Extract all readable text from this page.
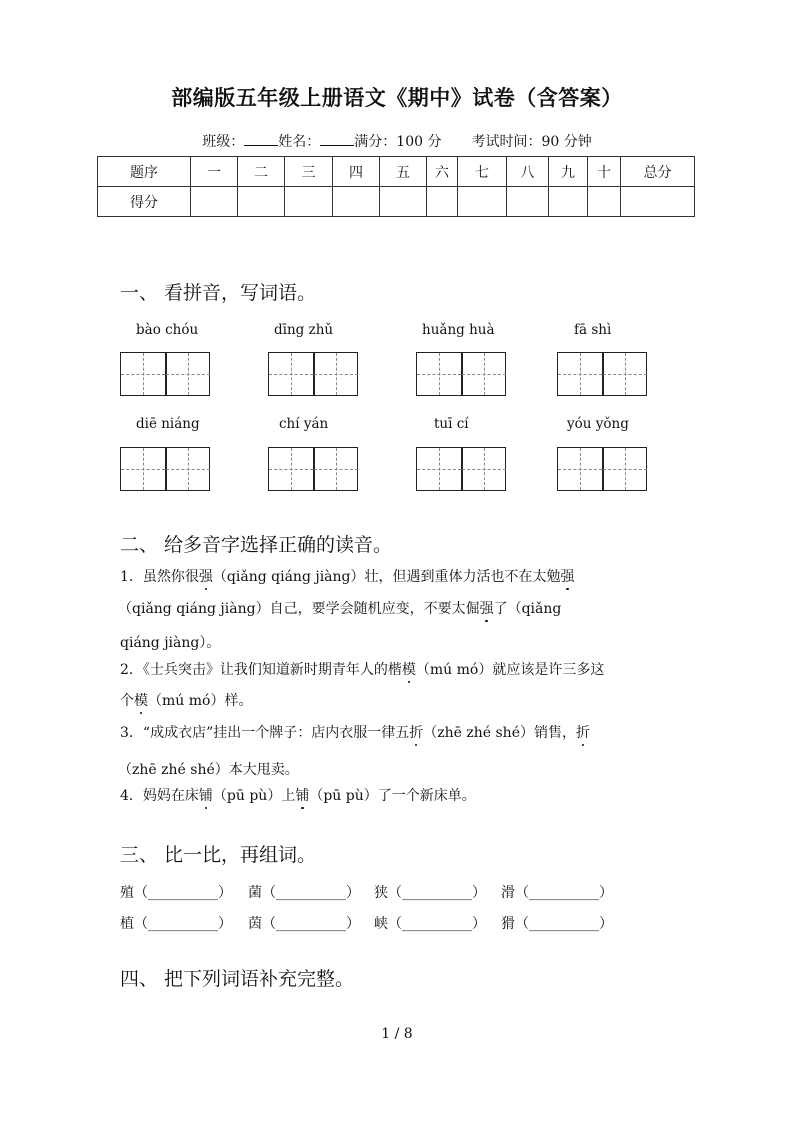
部编版五年级上册语文《期中》试卷（含答案）
班级： 姓名： 满分：100 分 考试时间：90 分钟
题序	一	二	三	四	五	六	七	八	九	十	总分
得分											
一、 看拼音，写词语。
bào chóu	dīng zhǔ	huǎng huà	fā shì
diē niáng	chí yán	tuī cí	yóu yǒng
二、 给多音字选择正确的读音。
1．虽然你很强（qiǎng qiáng jiàng）壮，但遇到重体力活也不在太勉强
（qiǎng qiáng jiàng）自己，要学会随机应变，不要太倔强了（qiǎng
qiáng jiàng）。
2．《士兵突击》让我们知道新时期青年人的楷模（mú mó）就应该是许三多这
个模（mú mó）样。
3．“成成衣店”挂出一个牌子：店内衣服一律五折（zhē zhé shé）销售，折
（zhē zhé shé）本大甩卖。
4．妈妈在床铺（pū pù）上铺（pū pù）了一个新床单。
三、 比一比，再组词。
殖（__________） 菌（__________） 狭（__________） 滑（__________）
植（__________） 茵（__________） 峡（__________） 猾（__________）
四、 把下列词语补充完整。
1 / 8
